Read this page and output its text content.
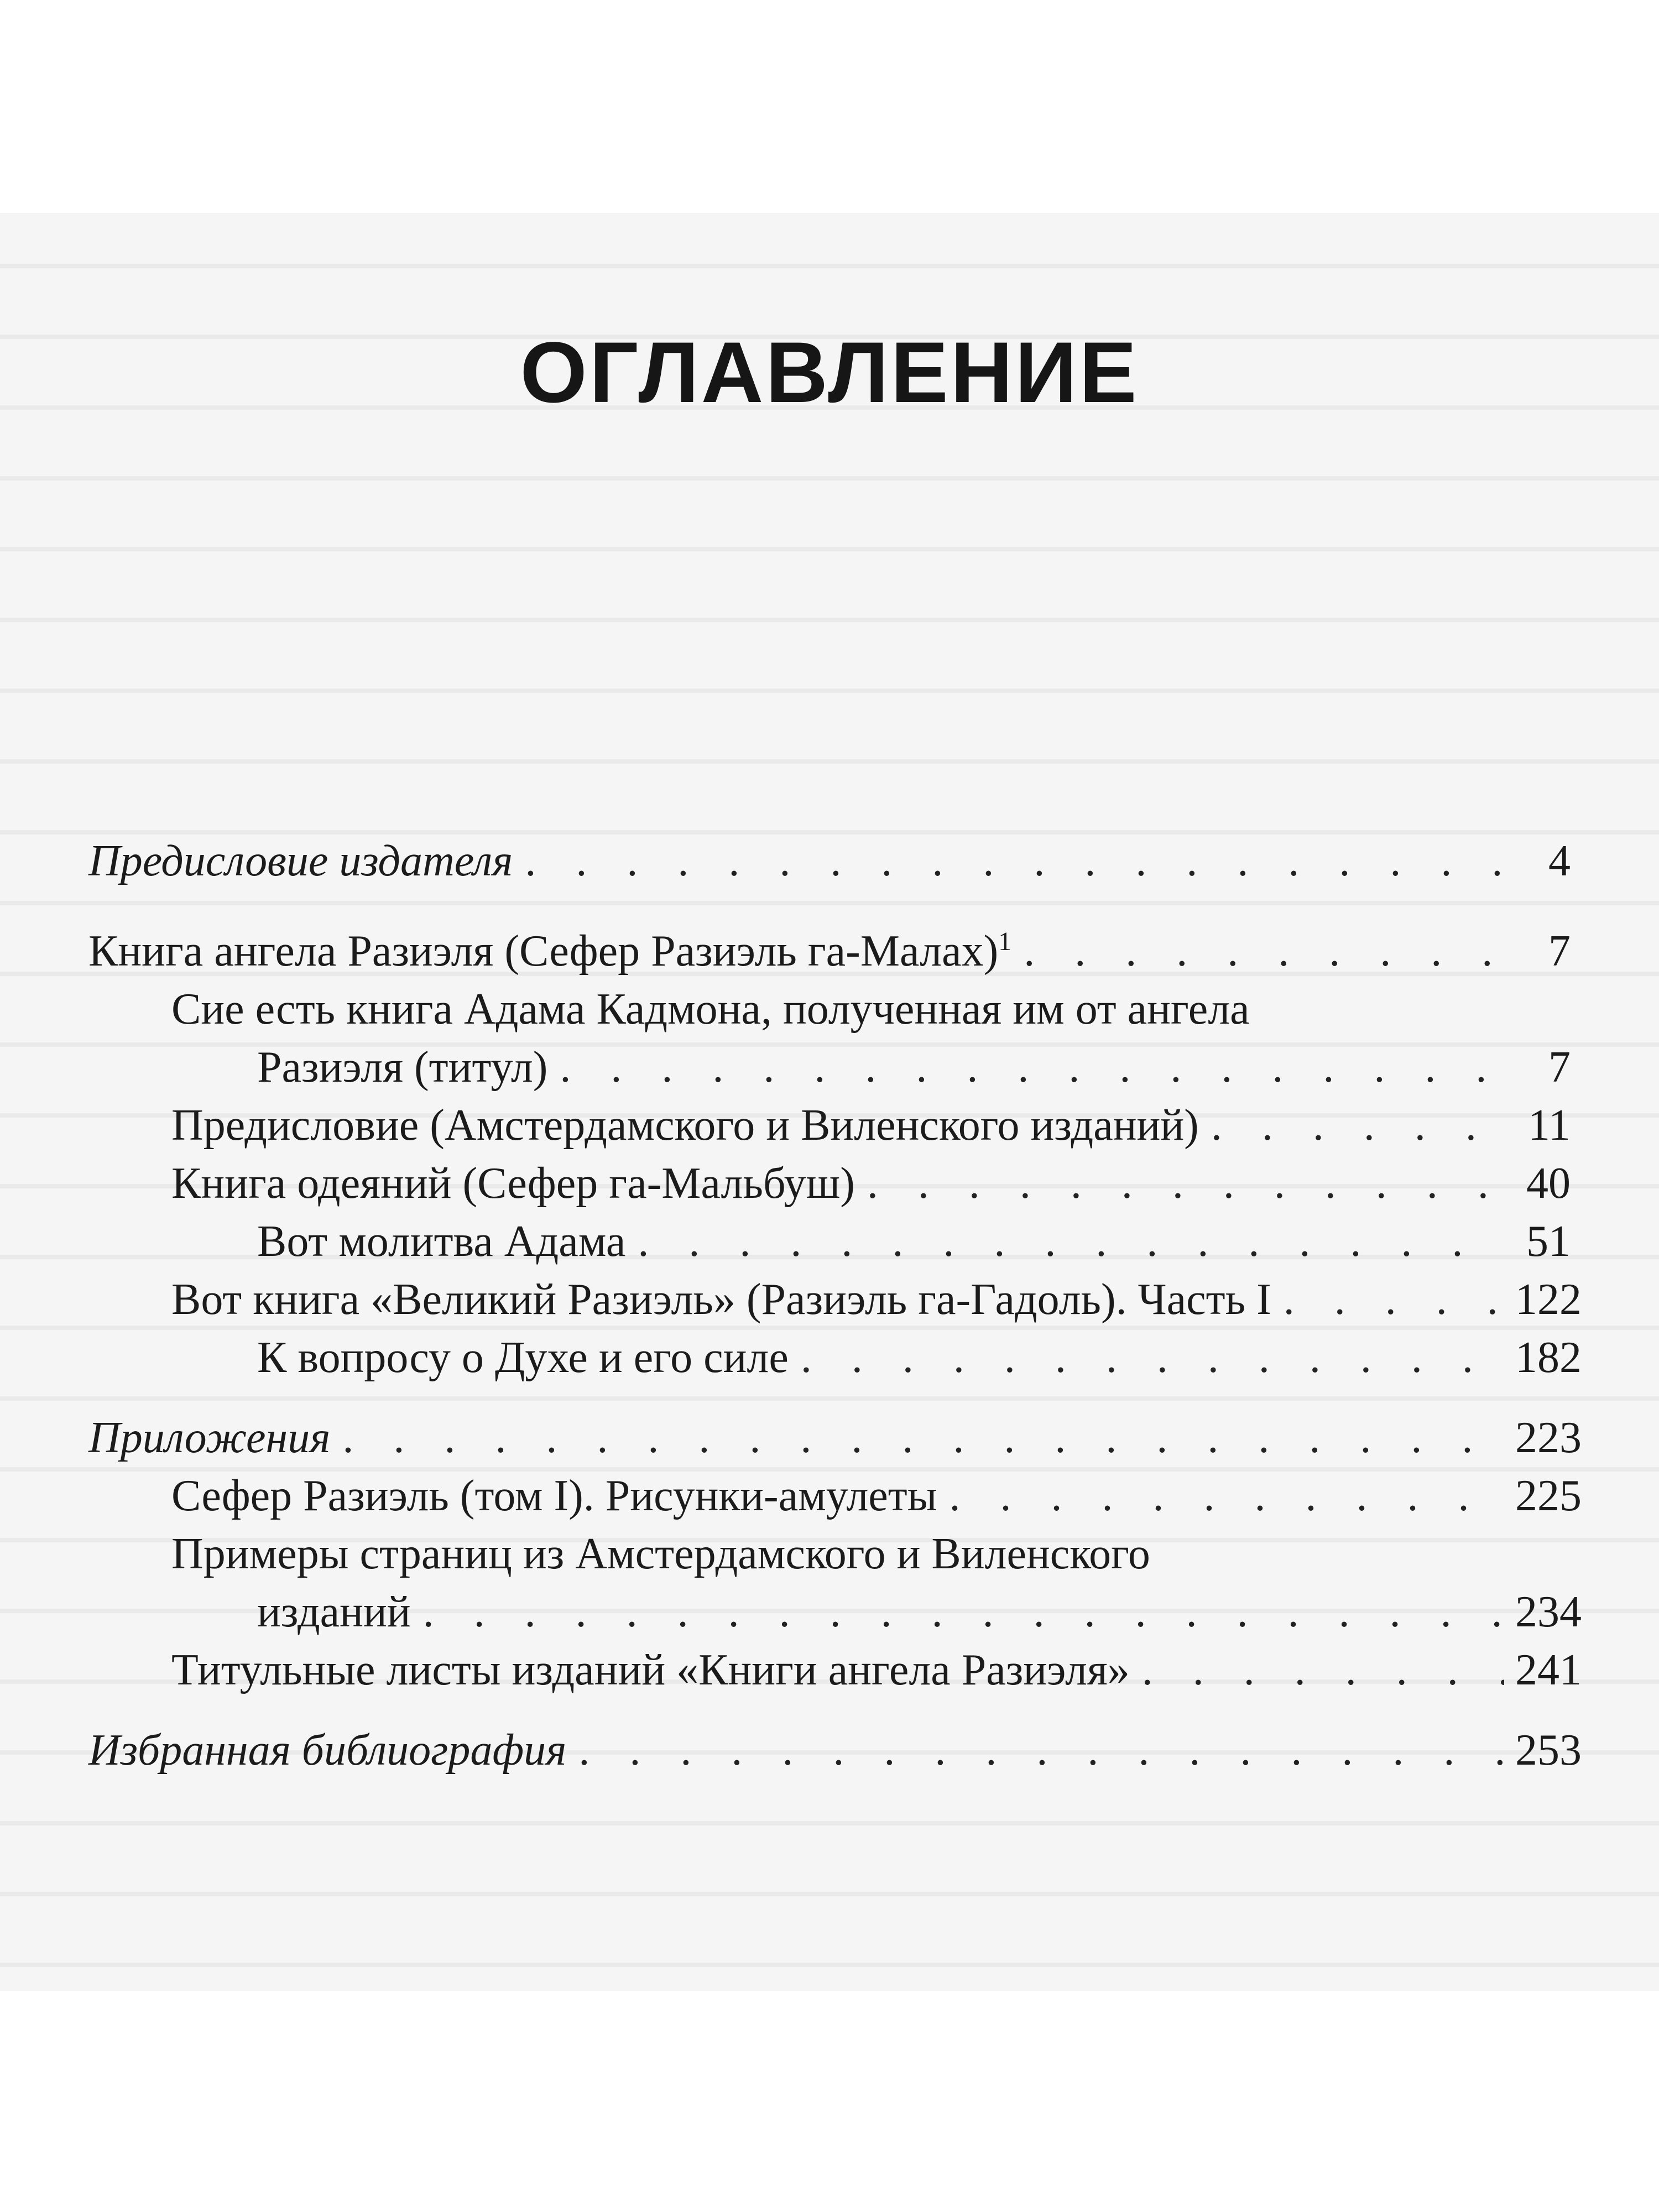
ОГЛАВЛЕНИЕ
Предисловие издателя . . .	4
Книга ангела Разиэля (Сефер Разиэль га-Малах)$^1$ . . .	7
Сие есть книга Адама Кадмона, полученная им от ангела
Разиэля (титул) . . .	7
Предисловие (Амстердамского и Виленского изданий) . . .	11
Книга одеяний (Сефер га-Мальбуш) . . .	40
Вот молитва Адама . . .	51
Вот книга «Великий Разиэль» (Разиэль га-Гадоль). Часть I . . .	122
К вопросу о Духе и его силе . . .	182
Приложения . . .	223
Сефер Разиэль (том I). Рисунки-амулеты . . .	225
Примеры страниц из Амстердамского и Виленского
изданий . . .	234
Титульные листы изданий «Книги ангела Разиэля» . . .	241
Избранная библиография . . .	253
